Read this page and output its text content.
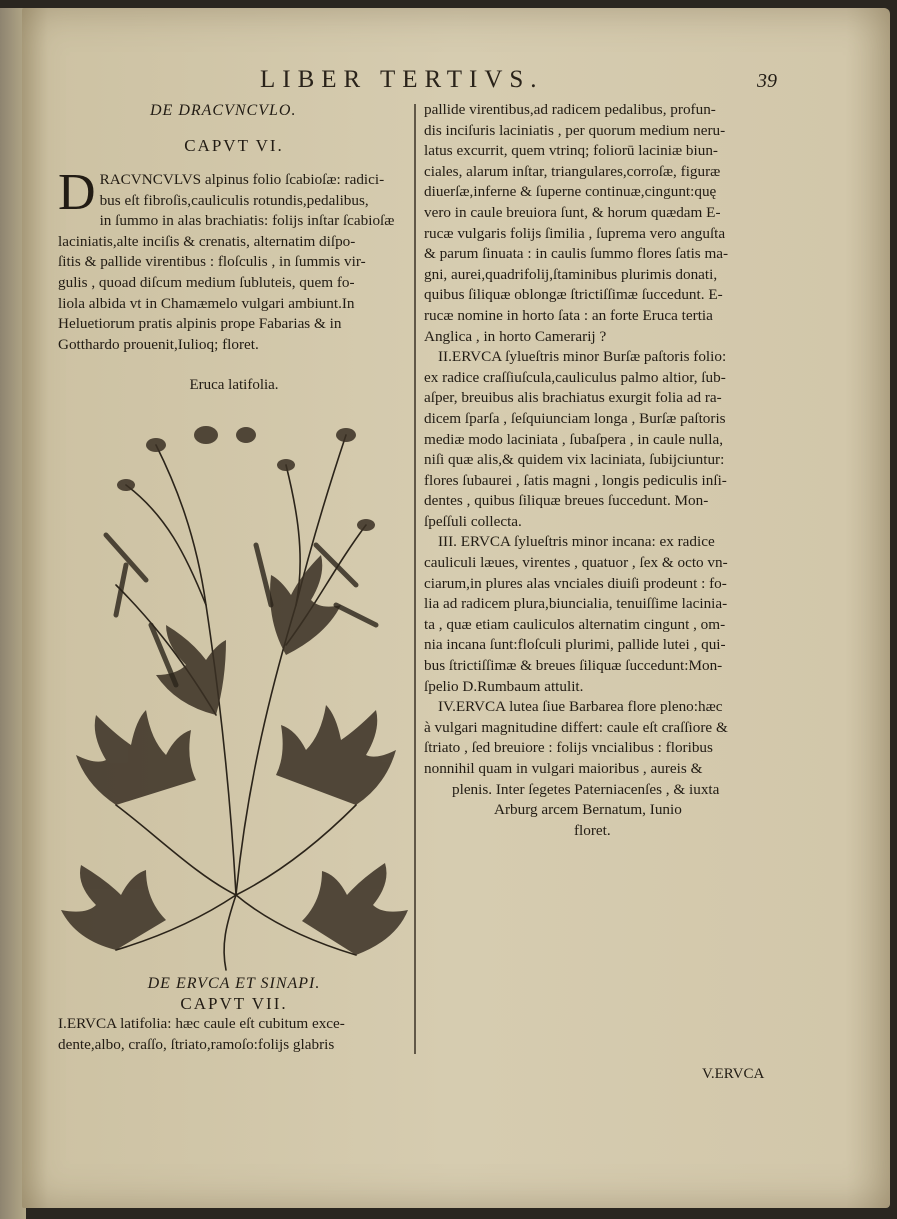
LIBER TERTIVS.	39
DE DRACVNCVLO.
CAPVT VI.
D RACVNCVLVS alpinus folio ſcabioſæ: radici-

bus eſt fibroſis,cauliculis rotundis,pedalibus,

in ſummo in alas brachiatis: folijs inſtar ſcabioſæ

laciniatis,alte inciſis & crenatis, alternatim diſpo-

ſitis & pallide virentibus : floſculis , in ſummis vir-

gulis , quoad diſcum medium ſubluteis, quem fo-

liola albida vt in Chamæmelo vulgari ambiunt.In

Heluetiorum pratis alpinis prope Fabarias & in

Gotthardo prouenit,Iulioq; floret.

Eruca latifolia.
DE ERVCA ET SINAPI.
CAPVT VII.

I.ERVCA latifolia: hæc caule eſt cubitum exce-

dente,albo, craſſo, ſtriato,ramoſo:folijs glabris

pallide virentibus,ad radicem pedalibus, profun-

dis inciſuris laciniatis , per quorum medium neru-

latus excurrit, quem vtrinq; foliorū laciniæ biun-

ciales, alarum inſtar, triangulares,corroſæ, figuræ

diuerſæ,inferne & ſuperne continuæ,cingunt:quę

vero in caule breuiora ſunt, & horum quædam E-

rucæ vulgaris folijs ſimilia , ſuprema vero anguſta

& parum ſinuata : in caulis ſummo flores ſatis ma-

gni, aurei,quadrifolij,ſtaminibus plurimis donati,

quibus ſiliquæ oblongæ ſtrictiſſimæ ſuccedunt. E-

rucæ nomine in horto ſata : an forte Eruca tertia

Anglica , in horto Camerarij ?

II.ERVCA ſylueſtris minor Burſæ paſtoris folio:

ex radice craſſiuſcula,cauliculus palmo altior, ſub-

aſper, breuibus alis brachiatus exurgit folia ad ra-

dicem ſparſa , ſeſquiunciam longa , Burſæ paſtoris

mediæ modo laciniata , ſubaſpera , in caule nulla,

niſi quæ alis,& quidem vix laciniata, ſubijciuntur:

flores ſubaurei , ſatis magni , longis pediculis inſi-

dentes , quibus ſiliquæ breues ſuccedunt. Mon-

ſpeſſuli collecta.

III. ERVCA ſylueſtris minor incana: ex radice

cauliculi læues, virentes , quatuor , ſex & octo vn-

ciarum,in plures alas vnciales diuiſi prodeunt : fo-

lia ad radicem plura,biuncialia, tenuiſſime lacinia-

ta , quæ etiam cauliculos alternatim cingunt , om-

nia incana ſunt:floſculi plurimi, pallide lutei , qui-

bus ſtrictiſſimæ & breues ſiliquæ ſuccedunt:Mon-

ſpelio D.Rumbaum attulit.

IV.ERVCA lutea ſiue Barbarea flore pleno:hæc

à vulgari magnitudine differt: caule eſt craſſiore &

ſtriato , ſed breuiore : folijs vncialibus : floribus

nonnihil quam in vulgari maioribus , aureis &

plenis. Inter ſegetes Paterniacenſes , & iuxta

Arburg arcem Bernatum, Iunio

floret.

V.ERVCA
